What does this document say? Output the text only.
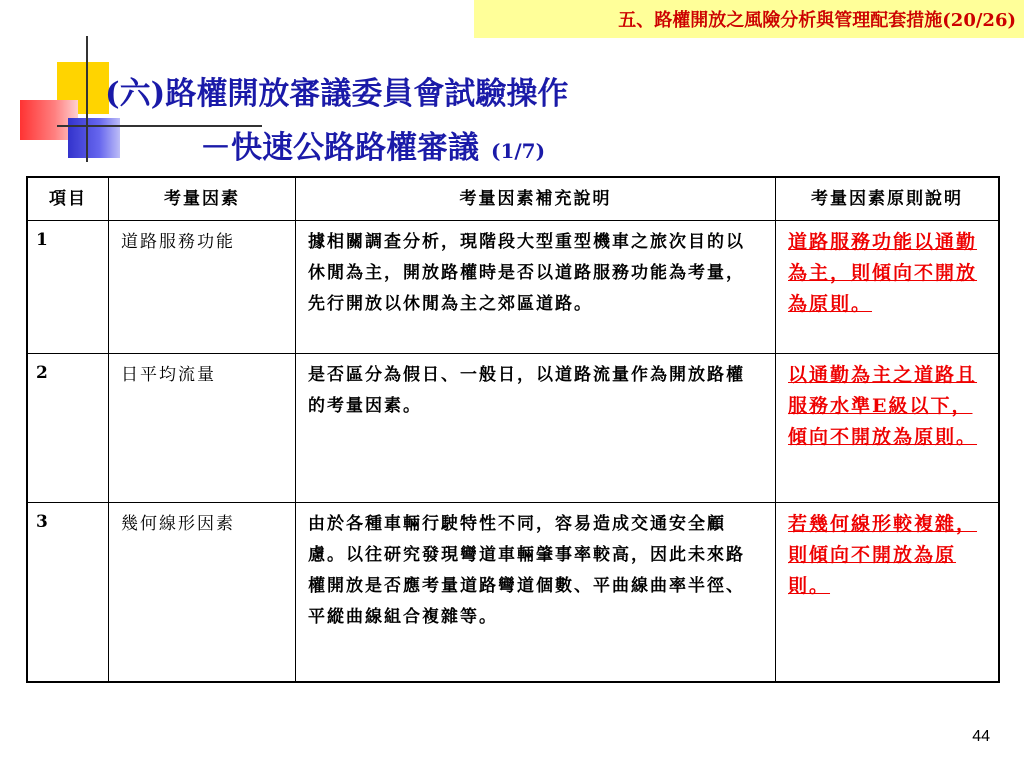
五、路權開放之風險分析與管理配套措施(20/26)
(六)路權開放審議委員會試驗操作
－快速公路路權審議 (1/7)
項目	考量因素	考量因素補充說明	考量因素原則說明
1	道路服務功能	據相關調查分析，現階段大型重型機車之旅次目的以休閒為主，開放路權時是否以道路服務功能為考量，先行開放以休閒為主之郊區道路。	道路服務功能以通勤為主，則傾向不開放為原則。
2	日平均流量	是否區分為假日、一般日，以道路流量作為開放路權的考量因素。	以通勤為主之道路且服務水準E級以下，傾向不開放為原則。
3	幾何線形因素	由於各種車輛行駛特性不同，容易造成交通安全顧慮。以往研究發現彎道車輛肇事率較高，因此未來路權開放是否應考量道路彎道個數、平曲線曲率半徑、平縱曲線組合複雜等。	若幾何線形較複雜，則傾向不開放為原則。
44
